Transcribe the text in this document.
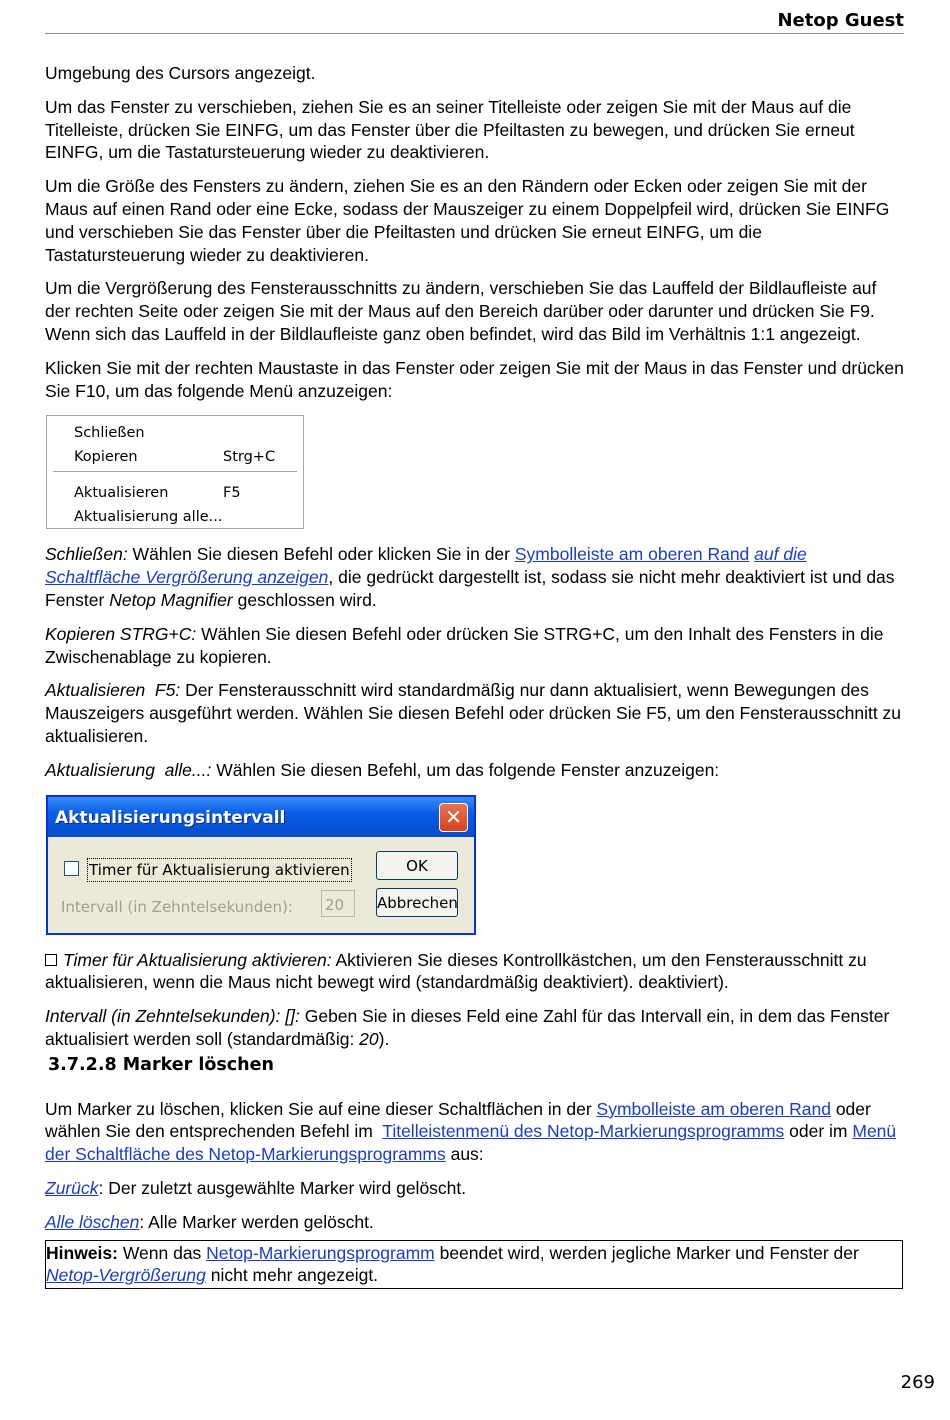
Netop Guest

Umgebung des Cursors angezeigt.

Um das Fenster zu verschieben, ziehen Sie es an seiner Titelleiste oder zeigen Sie mit der Maus auf die Titelleiste, drücken Sie EINFG, um das Fenster über die Pfeiltasten zu bewegen, und drücken Sie erneut EINFG, um die Tastatursteuerung wieder zu deaktivieren.

Um die Größe des Fensters zu ändern, ziehen Sie es an den Rändern oder Ecken oder zeigen Sie mit der Maus auf einen Rand oder eine Ecke, sodass der Mauszeiger zu einem Doppelpfeil wird, drücken Sie EINFG und verschieben Sie das Fenster über die Pfeiltasten und drücken Sie erneut EINFG, um die Tastatursteuerung wieder zu deaktivieren.

Um die Vergrößerung des Fensterausschnitts zu ändern, verschieben Sie das Lauffeld der Bildlaufleiste auf der rechten Seite oder zeigen Sie mit der Maus auf den Bereich darüber oder darunter und drücken Sie F9. Wenn sich das Lauffeld in der Bildlaufleiste ganz oben befindet, wird das Bild im Verhältnis 1:1 angezeigt.

Klicken Sie mit der rechten Maustaste in das Fenster oder zeigen Sie mit der Maus in das Fenster und drücken Sie F10, um das folgende Menü anzuzeigen:

Schließen
Kopieren	Strg+C
Aktualisieren	F5
Aktualisierung alle...

Schließen: Wählen Sie diesen Befehl oder klicken Sie in der Symbolleiste am oberen Rand auf die Schaltfläche Vergrößerung anzeigen, die gedrückt dargestellt ist, sodass sie nicht mehr deaktiviert ist und das Fenster Netop Magnifier geschlossen wird.

Kopieren STRG+C: Wählen Sie diesen Befehl oder drücken Sie STRG+C, um den Inhalt des Fensters in die Zwischenablage zu kopieren.

Aktualisieren  F5: Der Fensterausschnitt wird standardmäßig nur dann aktualisiert, wenn Bewegungen des Mauszeigers ausgeführt werden. Wählen Sie diesen Befehl oder drücken Sie F5, um den Fensterausschnitt zu aktualisieren.

Aktualisierung  alle...: Wählen Sie diesen Befehl, um das folgende Fenster anzuzeigen:

Aktualisierungsintervall	✕
Timer für Aktualisierung aktivieren	OK
Abbrechen
Intervall (in Zehntelsekunden): 20

Timer für Aktualisierung aktivieren: Aktivieren Sie dieses Kontrollkästchen, um den Fensterausschnitt zu aktualisieren, wenn die Maus nicht bewegt wird (standardmäßig deaktiviert). deaktiviert).

Intervall (in Zehntelsekunden): []: Geben Sie in dieses Feld eine Zahl für das Intervall ein, in dem das Fenster aktualisiert werden soll (standardmäßig: 20).

3.7.2.8 Marker löschen

Um Marker zu löschen, klicken Sie auf eine dieser Schaltflächen in der Symbolleiste am oberen Rand oder wählen Sie den entsprechenden Befehl im  Titelleistenmenü des Netop-Markierungsprogramms oder im Menü der Schaltfläche des Netop-Markierungsprogramms aus:

Zurück: Der zuletzt ausgewählte Marker wird gelöscht.

Alle löschen: Alle Marker werden gelöscht.

Hinweis: Wenn das Netop-Markierungsprogramm beendet wird, werden jegliche Marker und Fenster der Netop-Vergrößerung nicht mehr angezeigt.
269
